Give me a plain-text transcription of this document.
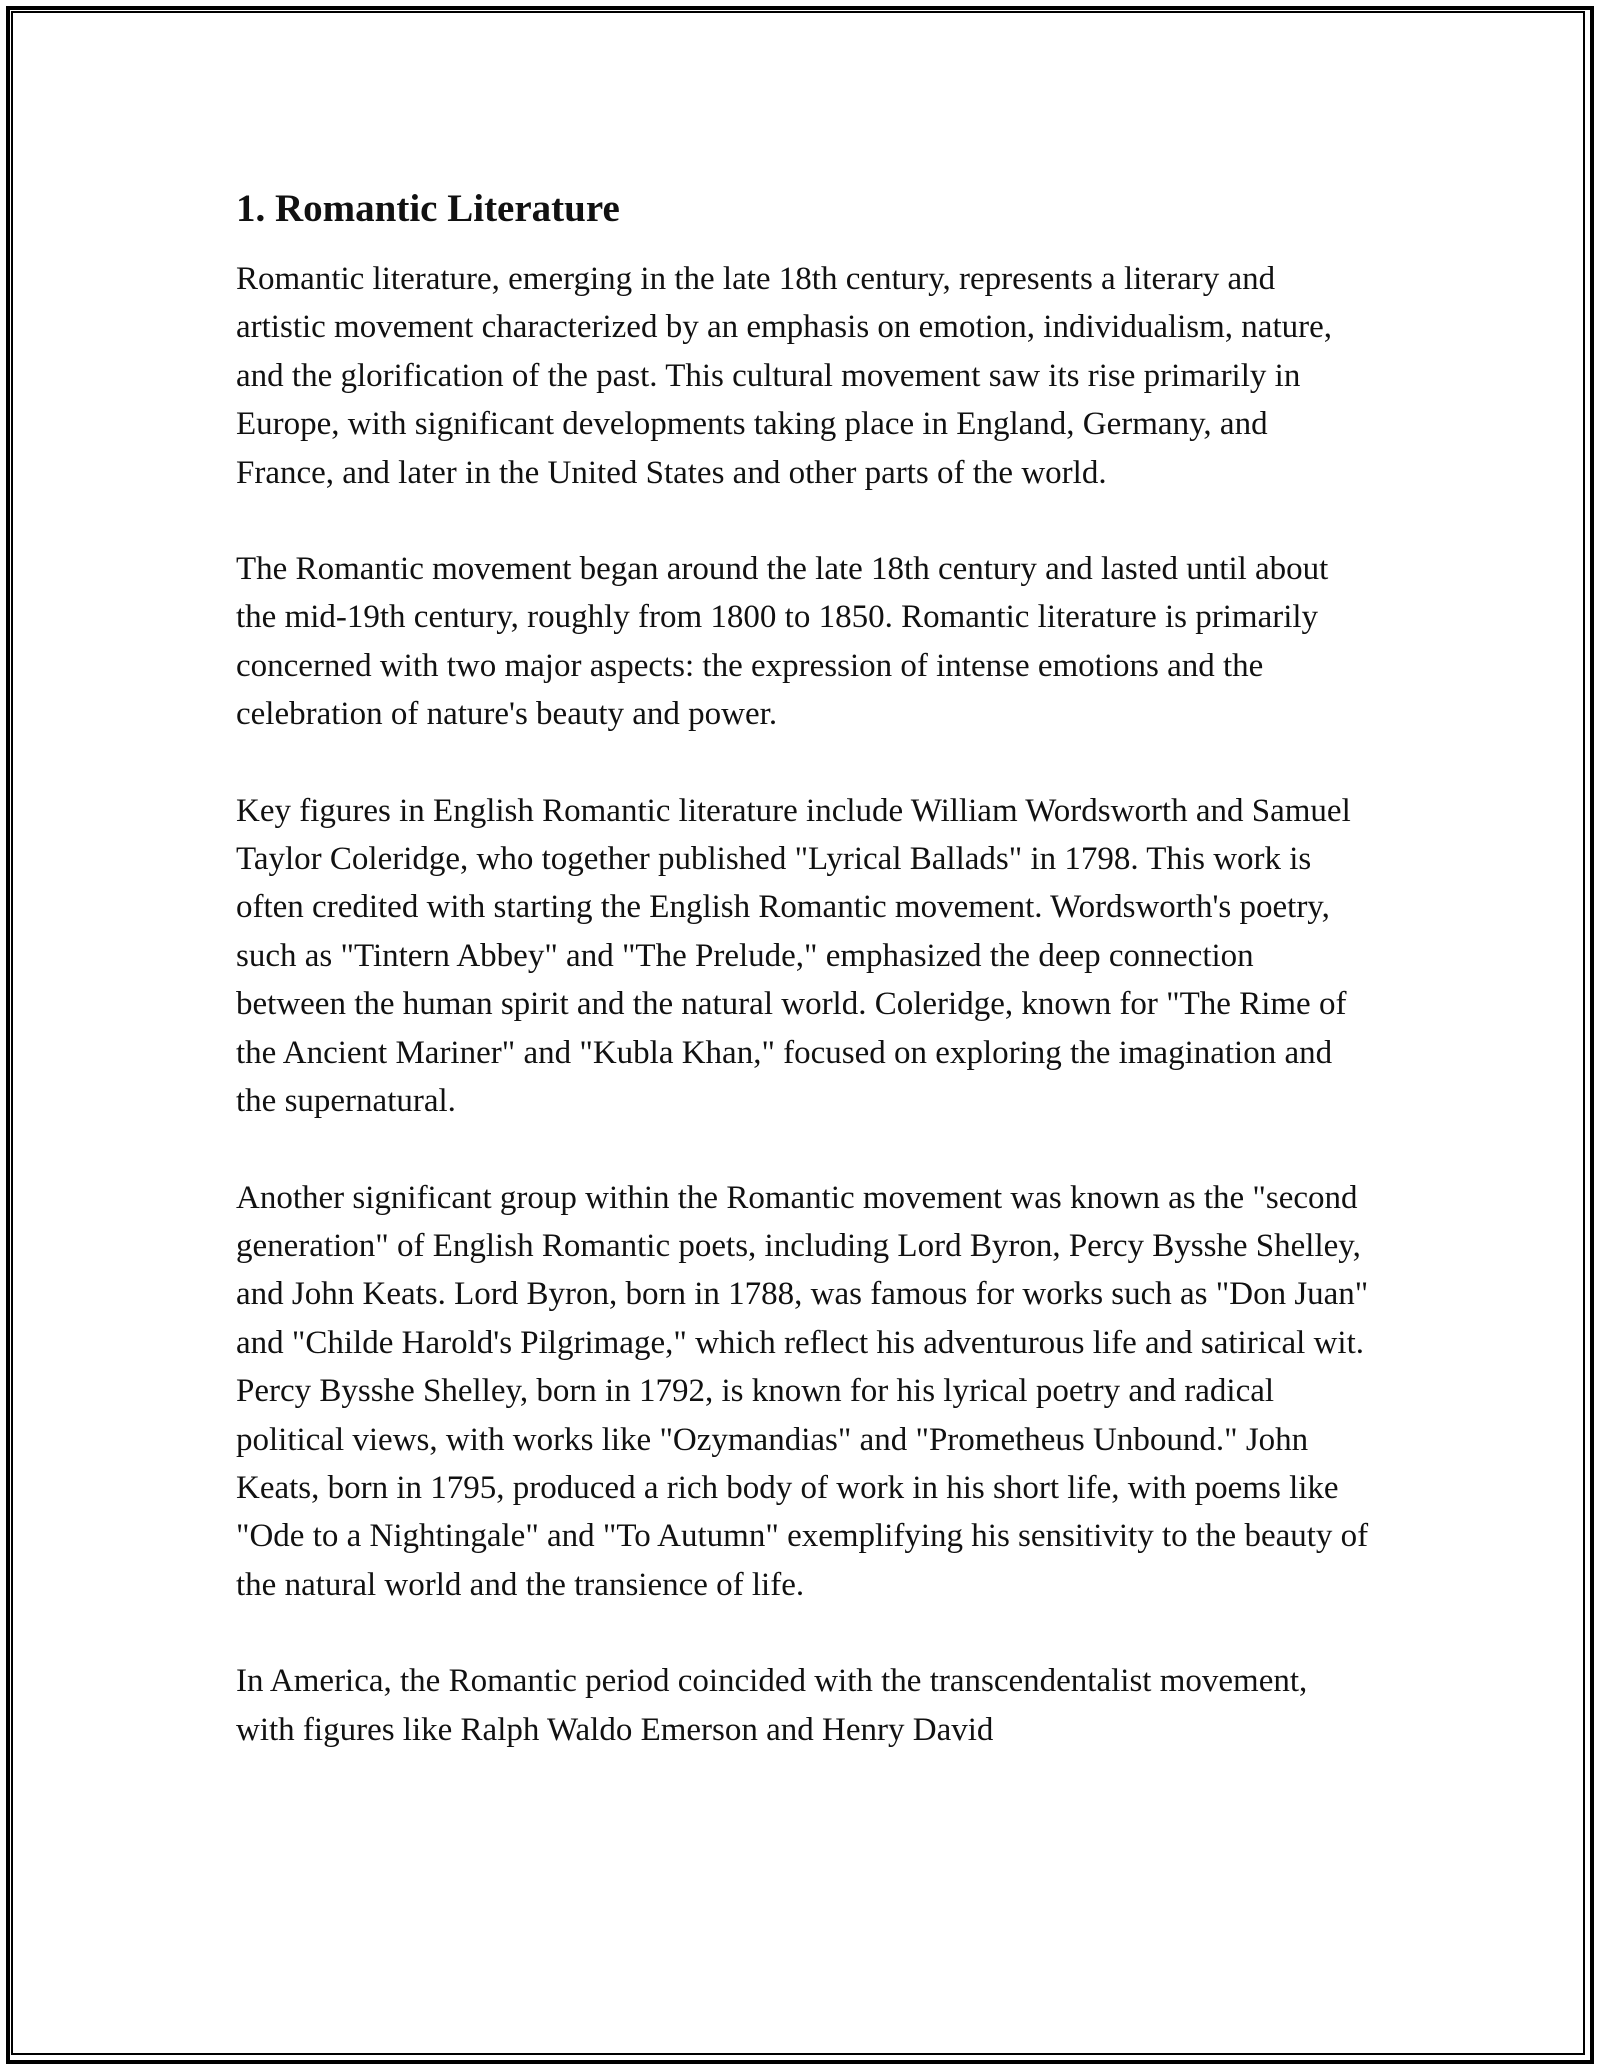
1. Romantic Literature

Romantic literature, emerging in the late 18th century, represents a literary and artistic movement characterized by an emphasis on emotion, individualism, nature, and the glorification of the past. This cultural movement saw its rise primarily in Europe, with significant developments taking place in England, Germany, and France, and later in the United States and other parts of the world.

The Romantic movement began around the late 18th century and lasted until about the mid-19th century, roughly from 1800 to 1850. Romantic literature is primarily concerned with two major aspects: the expression of intense emotions and the celebration of nature's beauty and power.

Key figures in English Romantic literature include William Wordsworth and Samuel Taylor Coleridge, who together published "Lyrical Ballads" in 1798. This work is often credited with starting the English Romantic movement. Wordsworth's poetry, such as "Tintern Abbey" and "The Prelude," emphasized the deep connection between the human spirit and the natural world. Coleridge, known for "The Rime of the Ancient Mariner" and "Kubla Khan," focused on exploring the imagination and the supernatural.

Another significant group within the Romantic movement was known as the "second generation" of English Romantic poets, including Lord Byron, Percy Bysshe Shelley, and John Keats. Lord Byron, born in 1788, was famous for works such as "Don Juan" and "Childe Harold's Pilgrimage," which reflect his adventurous life and satirical wit. Percy Bysshe Shelley, born in 1792, is known for his lyrical poetry and radical political views, with works like "Ozymandias" and "Prometheus Unbound." John Keats, born in 1795, produced a rich body of work in his short life, with poems like "Ode to a Nightingale" and "To Autumn" exemplifying his sensitivity to the beauty of the natural world and the transience of life.

In America, the Romantic period coincided with the transcendentalist movement, with figures like Ralph Waldo Emerson and Henry David
